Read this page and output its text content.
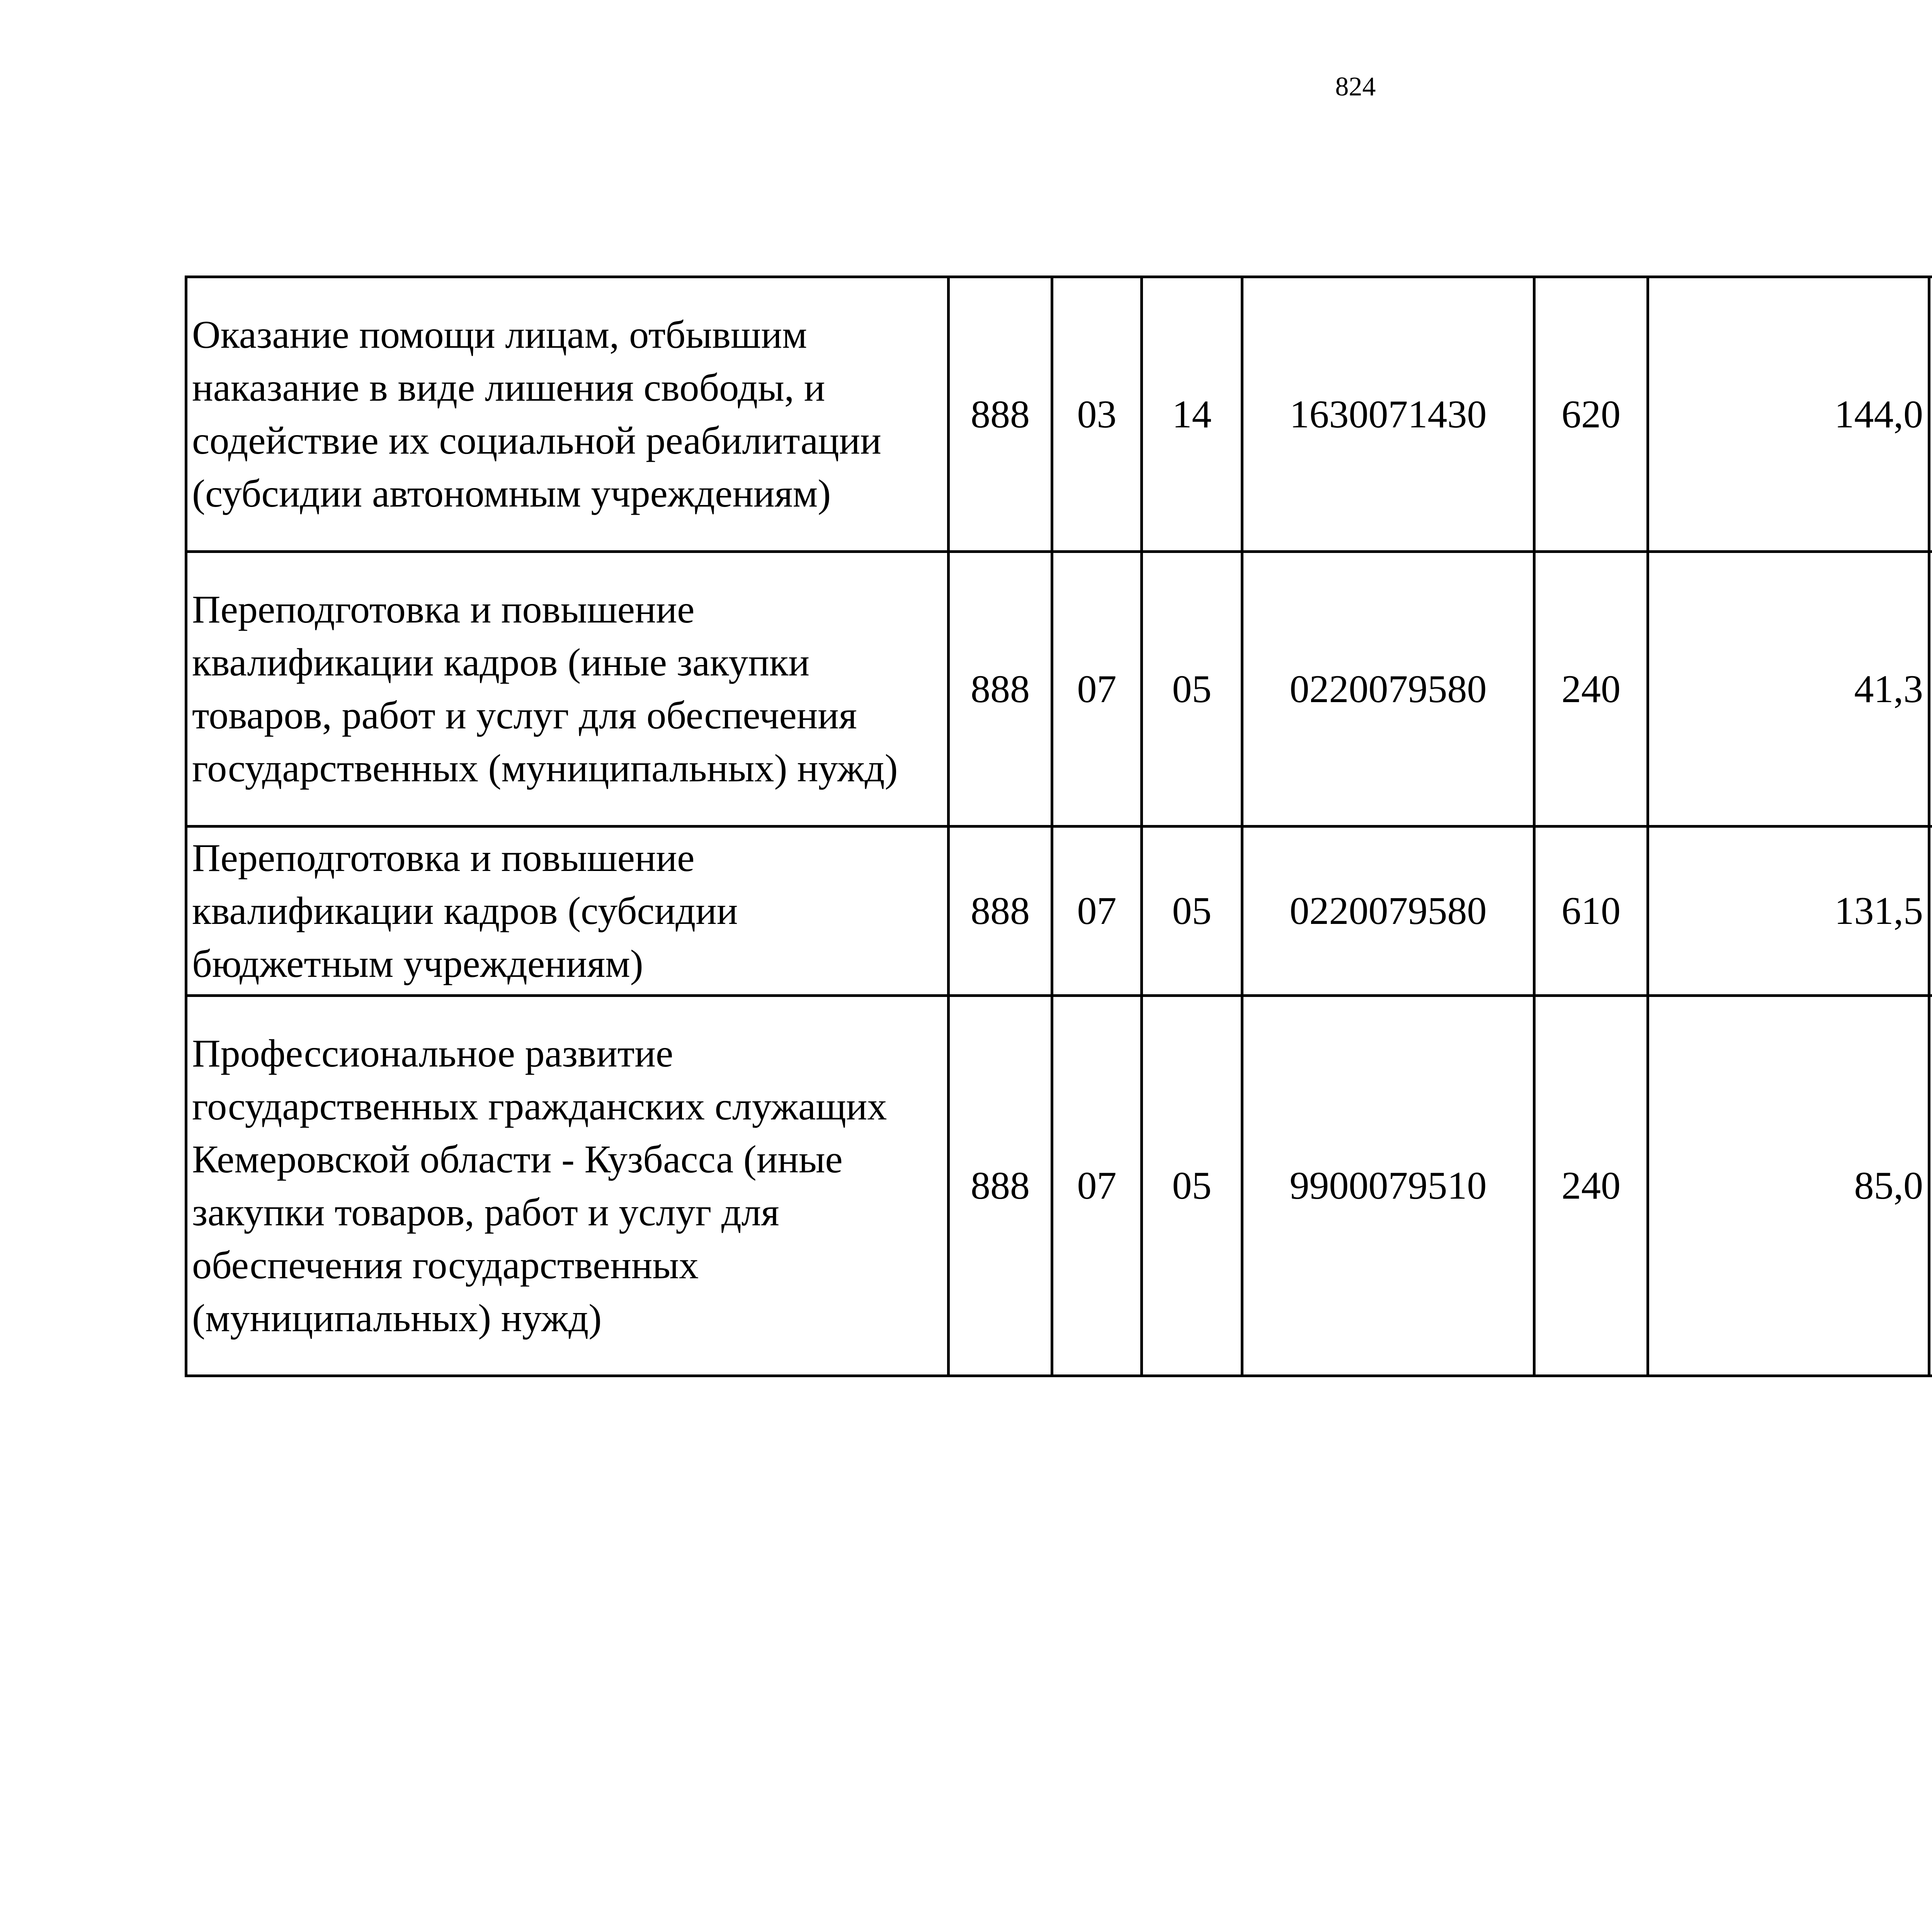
824
Оказание помощи лицам, отбывшим наказание в виде лишения свободы, и содействие их социальной реабилитации (субсидии автономным учреждениям)	888	03	14	1630071430	620	144,0		
Переподготовка и повышение квалификации кадров (иные закупки товаров, работ и услуг для обеспечения государственных (муниципальных) нужд)	888	07	05	0220079580	240	41,3		
Переподготовка и повышение квалификации кадров (субсидии бюджетным учреждениям)	888	07	05	0220079580	610	131,5		
Профессиональное развитие государственных гражданских служащих Кемеровской области - Кузбасса (иные закупки товаров, работ и услуг для обеспечения государственных (муниципальных) нужд)	888	07	05	9900079510	240	85,0		
